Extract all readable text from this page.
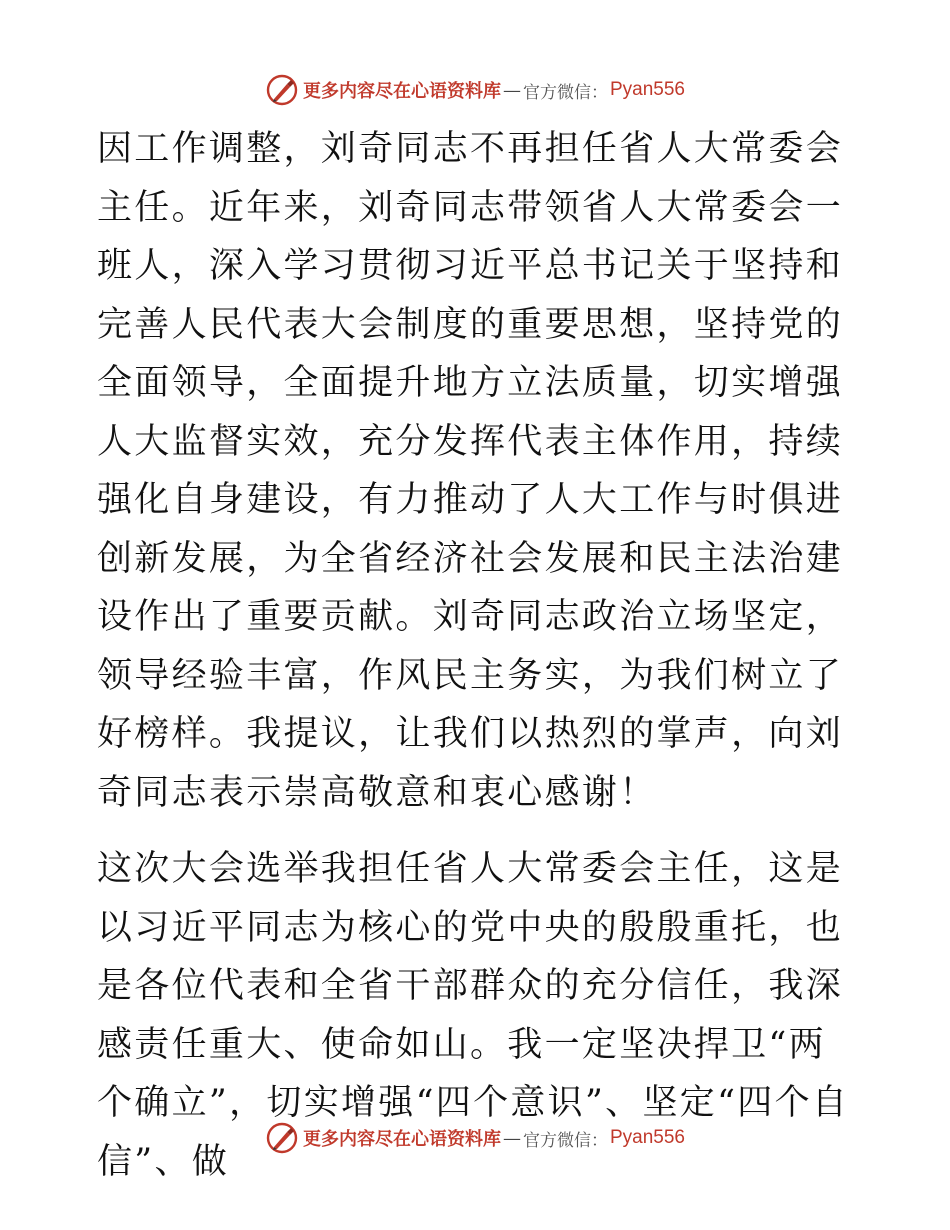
更多内容尽在心语资料库 — 官方微信： Pyan556

因工作调整，刘奇同志不再担任省人大常委会主任。近年来，刘奇同志带领省人大常委会一班人，深入学习贯彻习近平总书记关于坚持和完善人民代表大会制度的重要思想，坚持党的全面领导，全面提升地方立法质量，切实增强人大监督实效，充分发挥代表主体作用，持续强化自身建设，有力推动了人大工作与时俱进创新发展，为全省经济社会发展和民主法治建设作出了重要贡献。刘奇同志政治立场坚定，领导经验丰富，作风民主务实，为我们树立了好榜样。我提议，让我们以热烈的掌声，向刘奇同志表示崇高敬意和衷心感谢！

这次大会选举我担任省人大常委会主任，这是以习近平同志为核心的党中央的殷殷重托，也是各位代表和全省干部群众的充分信任，我深感责任重大、使命如山。我一定坚决捍卫“两个确立”，切实增强“四个意识”、坚定“四个自信”、做

更多内容尽在心语资料库 — 官方微信： Pyan556
